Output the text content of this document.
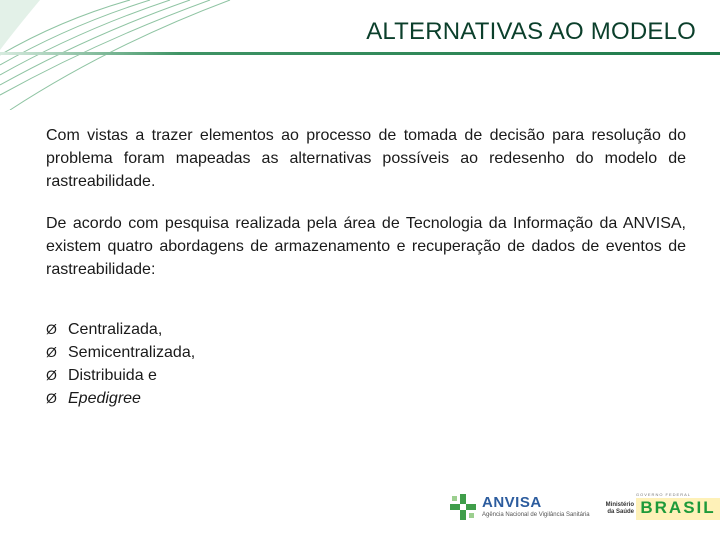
ALTERNATIVAS AO MODELO

Com vistas a trazer elementos ao processo de tomada de decisão para resolução do problema foram mapeadas as alternativas possíveis ao redesenho do modelo de rastreabilidade.

De acordo com pesquisa realizada pela área de Tecnologia da Informação da ANVISA, existem quatro abordagens de armazenamento e recuperação de dados de eventos de rastreabilidade:

Ø Centralizada,
Ø Semicentralizada,
Ø Distribuida e
Ø Epedigree
ANVISA
Agência Nacional de Vigilância Sanitária
Ministério da Saúde
GOVERNO FEDERAL
BRASIL
